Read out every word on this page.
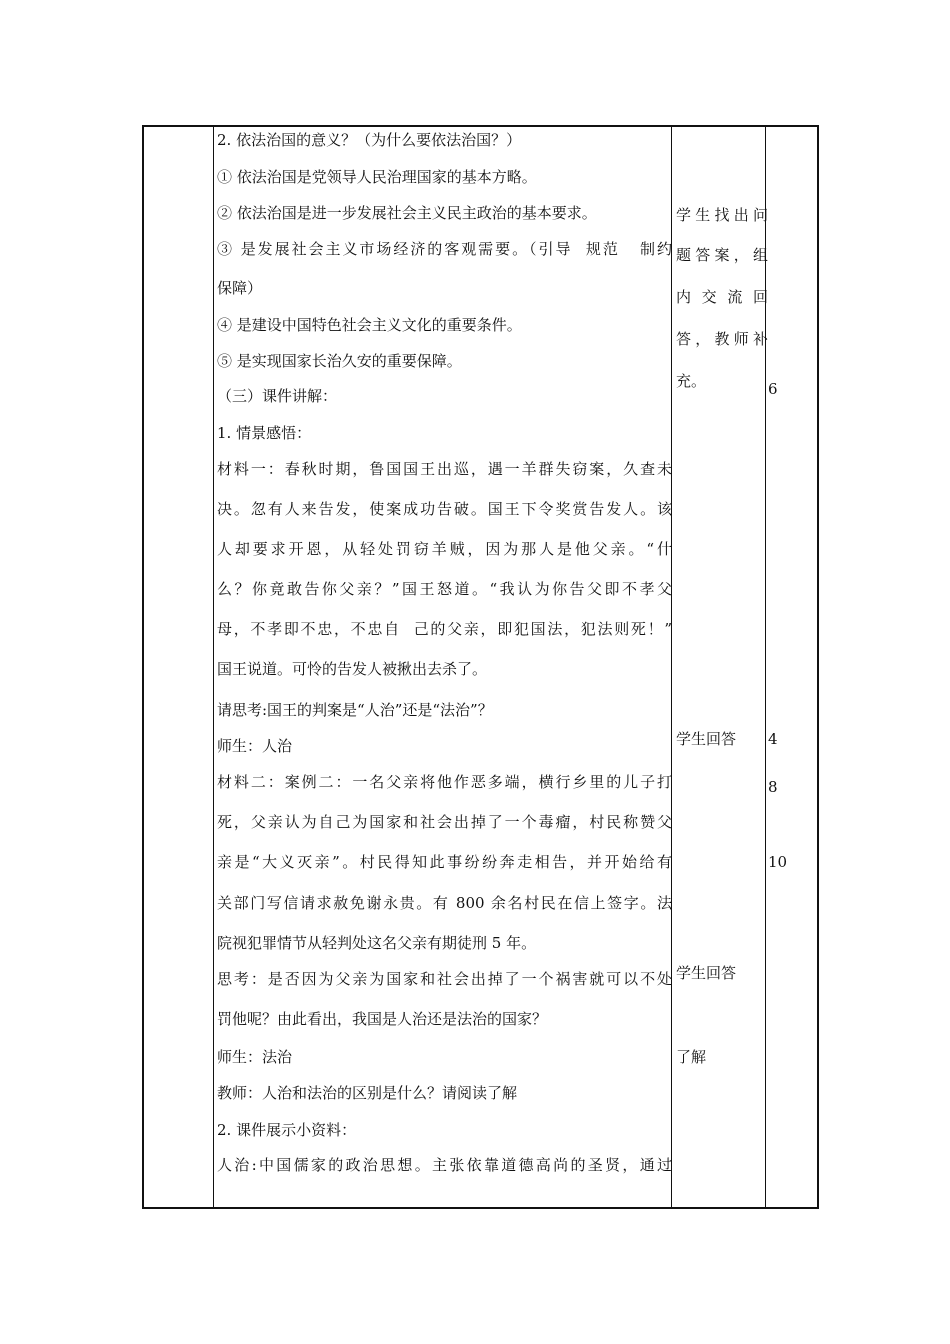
2. 依法治国的意义？（为什么要依法治国？）
① 依法治国是党领导人民治理国家的基本方略。
② 依法治国是进一步发展社会主义民主政治的基本要求。
③ 是发展社会主义市场经济的客观需要。（引导  规范   制约
保障）
④ 是建设中国特色社会主义文化的重要条件。
⑤ 是实现国家长治久安的重要保障。
（三）课件讲解：
1. 情景感悟：
材料一：春秋时期，鲁国国王出巡，遇一羊群失窃案，久查未
决。忽有人来告发，使案成功告破。国王下令奖赏告发人。该
人却要求开恩，从轻处罚窃羊贼，因为那人是他父亲。“什
么？你竟敢告你父亲？”国王怒道。“我认为你告父即不孝父
母，不孝即不忠，不忠自  己的父亲，即犯国法，犯法则死！”
国王说道。可怜的告发人被揪出去杀了。
请思考:国王的判案是“人治”还是“法治”？
师生：人治
材料二：案例二：一名父亲将他作恶多端，横行乡里的儿子打
死，父亲认为自己为国家和社会出掉了一个毒瘤，村民称赞父
亲是“大义灭亲”。村民得知此事纷纷奔走相告，并开始给有
关部门写信请求赦免谢永贵。有 800 余名村民在信上签字。法
院视犯罪情节从轻判处这名父亲有期徒刑 5 年。
思考：是否因为父亲为国家和社会出掉了一个祸害就可以不处
罚他呢？由此看出，我国是人治还是法治的国家？
师生：法治
教师：人治和法治的区别是什么？请阅读了解
2. 课件展示小资料：
人治:中国儒家的政治思想。主张依靠道德高尚的圣贤，通过
学生找出问
题答案，组
内交流回
答，教师补
充。
学生回答
学生回答
了解
6
4
8
10
